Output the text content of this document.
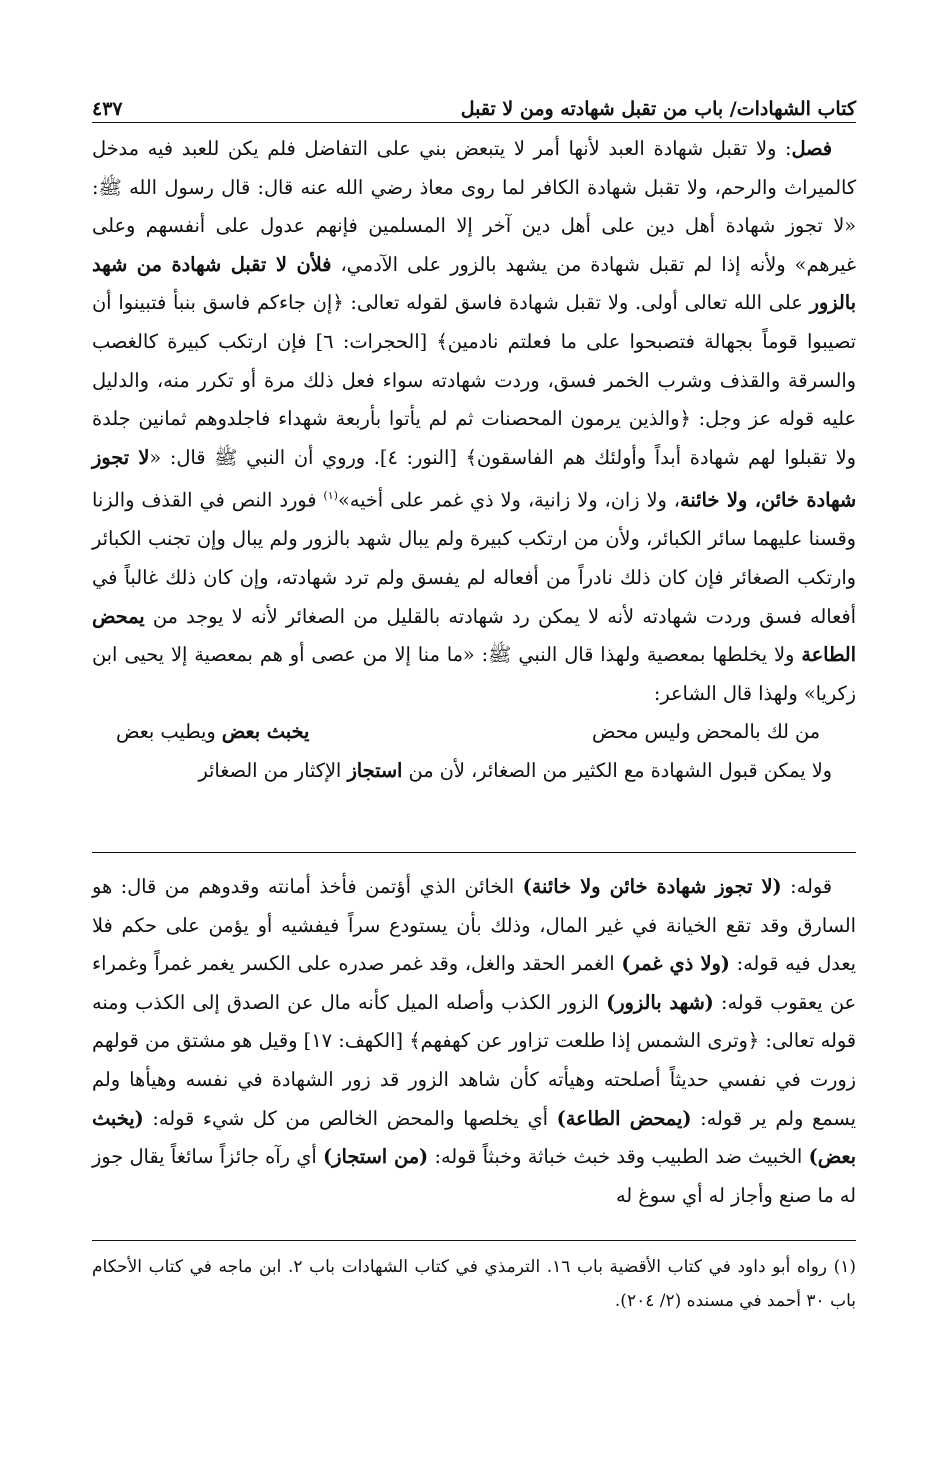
كتاب الشهادات/ باب من تقبل شهادته ومن لا تقبل
٤٣٧

فصل: ولا تقبل شهادة العبد لأنها أمر لا يتبعض بني على التفاضل فلم يكن للعبد فيه مدخل كالميراث والرحم، ولا تقبل شهادة الكافر لما روى معاذ رضي الله عنه قال: قال رسول الله ﷺ: «لا تجوز شهادة أهل دين على أهل دين آخر إلا المسلمين فإنهم عدول على أنفسهم وعلى غيرهم» ولأنه إذا لم تقبل شهادة من يشهد بالزور على الآدمي، فلأن لا تقبل شهادة من شهد بالزور على الله تعالى أولى. ولا تقبل شهادة فاسق لقوله تعالى: ﴿إن جاءكم فاسق بنبأ فتبينوا أن تصيبوا قوماً بجهالة فتصبحوا على ما فعلتم نادمين﴾ [الحجرات: ٦] فإن ارتكب كبيرة كالغصب والسرقة والقذف وشرب الخمر فسق، وردت شهادته سواء فعل ذلك مرة أو تكرر منه، والدليل عليه قوله عز وجل: ﴿والذين يرمون المحصنات ثم لم يأتوا بأربعة شهداء فاجلدوهم ثمانين جلدة ولا تقبلوا لهم شهادة أبداً وأولئك هم الفاسقون﴾ [النور: ٤]. وروي أن النبي ﷺ قال: «لا تجوز شهادة خائن، ولا خائنة، ولا زان، ولا زانية، ولا ذي غمر على أخيه»$^{(١)}$ فورد النص في القذف والزنا وقسنا عليهما سائر الكبائر، ولأن من ارتكب كبيرة ولم يبال شهد بالزور ولم يبال وإن تجنب الكبائر وارتكب الصغائر فإن كان ذلك نادراً من أفعاله لم يفسق ولم ترد شهادته، وإن كان ذلك غالباً في أفعاله فسق وردت شهادته لأنه لا يمكن رد شهادته بالقليل من الصغائر لأنه لا يوجد من يمحض الطاعة ولا يخلطها بمعصية ولهذا قال النبي ﷺ: «ما منا إلا من عصى أو هم بمعصية إلا يحيى ابن زكريا» ولهذا قال الشاعر:

من لك بالمحض وليس محض
يخبث بعض ويطيب بعض

ولا يمكن قبول الشهادة مع الكثير من الصغائر، لأن من استجاز الإكثار من الصغائر

قوله: (لا تجوز شهادة خائن ولا خائنة) الخائن الذي أؤتمن فأخذ أمانته وقدوهم من قال: هو السارق وقد تقع الخيانة في غير المال، وذلك بأن يستودع سراً فيفشيه أو يؤمن على حكم فلا يعدل فيه قوله: (ولا ذي غمر) الغمر الحقد والغل، وقد غمر صدره على الكسر يغمر غمراً وغمراء عن يعقوب قوله: (شهد بالزور) الزور الكذب وأصله الميل كأنه مال عن الصدق إلى الكذب ومنه قوله تعالى: ﴿وترى الشمس إذا طلعت تزاور عن كهفهم﴾ [الكهف: ١٧] وقيل هو مشتق من قولهم زورت في نفسي حديثاً أصلحته وهيأته كأن شاهد الزور قد زور الشهادة في نفسه وهيأها ولم يسمع ولم ير قوله: (يمحض الطاعة) أي يخلصها والمحض الخالص من كل شيء قوله: (يخبث بعض) الخبيث ضد الطبيب وقد خبث خباثة وخبثاً قوله: (من استجاز) أي رآه جائزاً سائغاً يقال جوز له ما صنع وأجاز له أي سوغ له

(١) رواه أبو داود في كتاب الأقضية باب ١٦. الترمذي في كتاب الشهادات باب ٢. ابن ماجه في كتاب الأحكام باب ٣٠ أحمد في مسنده (٢/ ٢٠٤).
